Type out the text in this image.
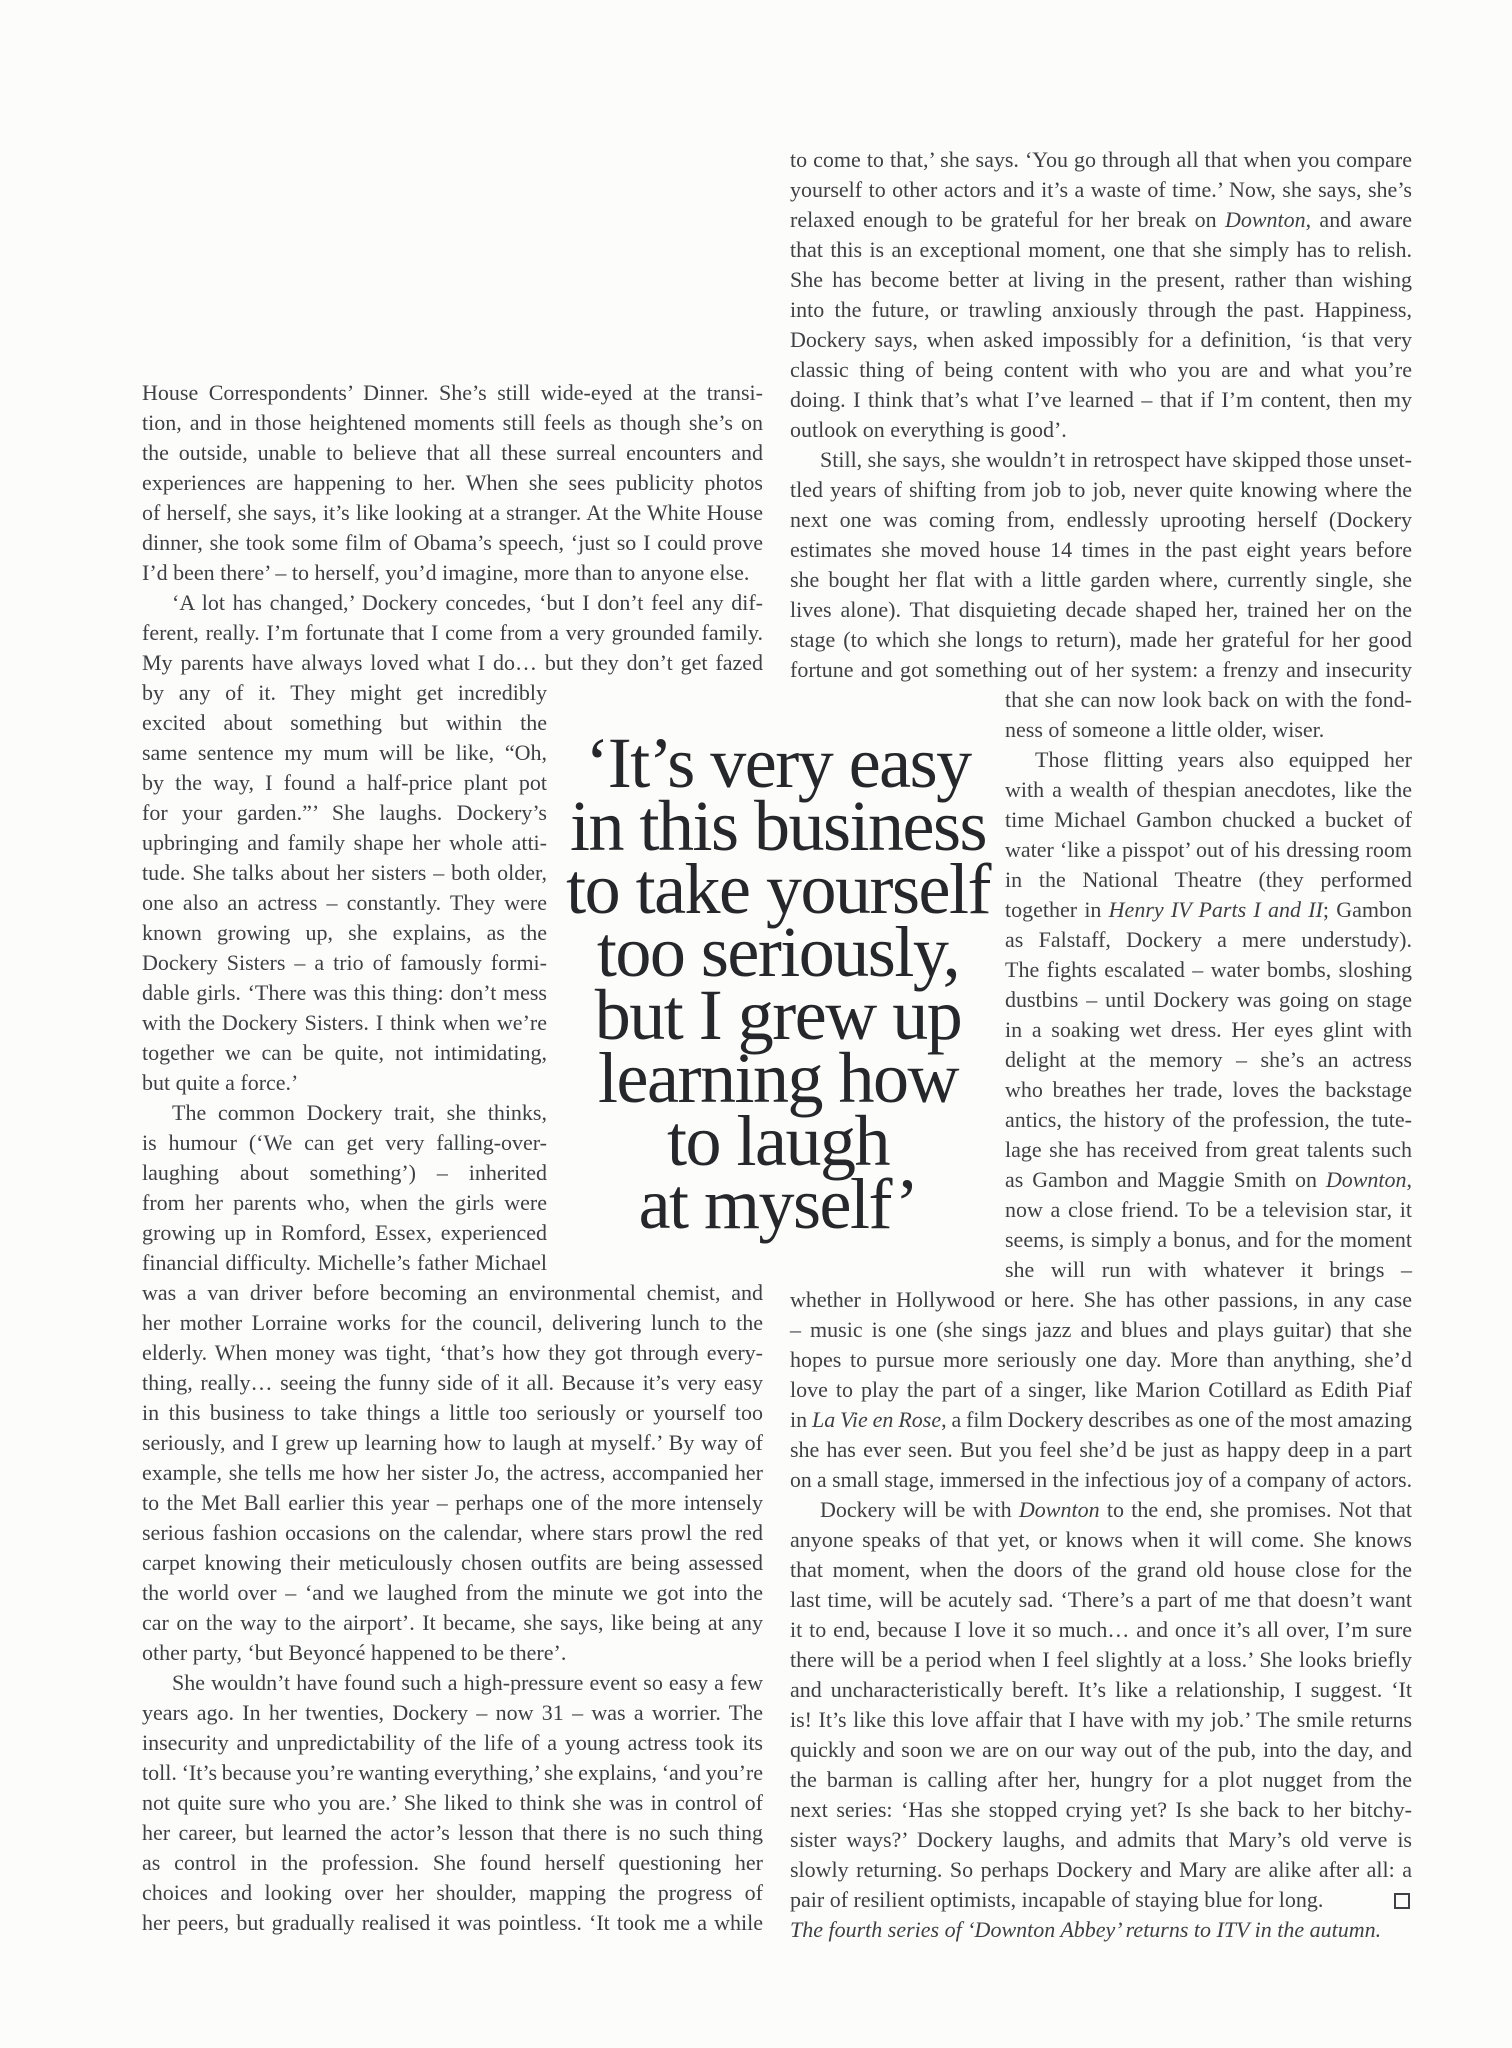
House Correspondents’ Dinner. She’s still wide-eyed at the transi-
tion, and in those heightened moments still feels as though she’s on
the outside, unable to believe that all these surreal encounters and
experiences are happening to her. When she sees publicity photos
of herself, she says, it’s like looking at a stranger. At the White House
dinner, she took some film of Obama’s speech, ‘just so I could prove
I’d been there’ – to herself, you’d imagine, more than to anyone else.
‘A lot has changed,’ Dockery concedes, ‘but I don’t feel any dif-
ferent, really. I’m fortunate that I come from a very grounded family.
My parents have always loved what I do… but they don’t get fazed
by any of it. They might get incredibly
excited about something but within the
same sentence my mum will be like, “Oh,
by the way, I found a half-price plant pot
for your garden.”’ She laughs. Dockery’s
upbringing and family shape her whole atti-
tude. She talks about her sisters – both older,
one also an actress – constantly. They were
known growing up, she explains, as the
Dockery Sisters – a trio of famously formi-
dable girls. ‘There was this thing: don’t mess
with the Dockery Sisters. I think when we’re
together we can be quite, not intimidating,
but quite a force.’
The common Dockery trait, she thinks,
is humour (‘We can get very falling-over-
laughing about something’) – inherited
from her parents who, when the girls were
growing up in Romford, Essex, experienced
financial difficulty. Michelle’s father Michael
was a van driver before becoming an environmental chemist, and
her mother Lorraine works for the council, delivering lunch to the
elderly. When money was tight, ‘that’s how they got through every-
thing, really… seeing the funny side of it all. Because it’s very easy
in this business to take things a little too seriously or yourself too
seriously, and I grew up learning how to laugh at myself.’ By way of
example, she tells me how her sister Jo, the actress, accompanied her
to the Met Ball earlier this year – perhaps one of the more intensely
serious fashion occasions on the calendar, where stars prowl the red
carpet knowing their meticulously chosen outfits are being assessed
the world over – ‘and we laughed from the minute we got into the
car on the way to the airport’. It became, she says, like being at any
other party, ‘but Beyoncé happened to be there’.
She wouldn’t have found such a high-pressure event so easy a few
years ago. In her twenties, Dockery – now 31 – was a worrier. The
insecurity and unpredictability of the life of a young actress took its
toll. ‘It’s because you’re wanting everything,’ she explains, ‘and you’re
not quite sure who you are.’ She liked to think she was in control of
her career, but learned the actor’s lesson that there is no such thing
as control in the profession. She found herself questioning her
choices and looking over her shoulder, mapping the progress of
her peers, but gradually realised it was pointless. ‘It took me a while
‘It’s very easy
in this business
to take yourself
too seriously,
but I grew up
learning how
to laugh
at myself’
to come to that,’ she says. ‘You go through all that when you compare
yourself to other actors and it’s a waste of time.’ Now, she says, she’s
relaxed enough to be grateful for her break on Downton, and aware
that this is an exceptional moment, one that she simply has to relish.
She has become better at living in the present, rather than wishing
into the future, or trawling anxiously through the past. Happiness,
Dockery says, when asked impossibly for a definition, ‘is that very
classic thing of being content with who you are and what you’re
doing. I think that’s what I’ve learned – that if I’m content, then my
outlook on everything is good’.
Still, she says, she wouldn’t in retrospect have skipped those unset-
tled years of shifting from job to job, never quite knowing where the
next one was coming from, endlessly uprooting herself (Dockery
estimates she moved house 14 times in the past eight years before
she bought her flat with a little garden where, currently single, she
lives alone). That disquieting decade shaped her, trained her on the
stage (to which she longs to return), made her grateful for her good
fortune and got something out of her system: a frenzy and insecurity
that she can now look back on with the fond-
ness of someone a little older, wiser.
Those flitting years also equipped her
with a wealth of thespian anecdotes, like the
time Michael Gambon chucked a bucket of
water ‘like a pisspot’ out of his dressing room
in the National Theatre (they performed
together in Henry IV Parts I and II; Gambon
as Falstaff, Dockery a mere understudy).
The fights escalated – water bombs, sloshing
dustbins – until Dockery was going on stage
in a soaking wet dress. Her eyes glint with
delight at the memory – she’s an actress
who breathes her trade, loves the backstage
antics, the history of the profession, the tute-
lage she has received from great talents such
as Gambon and Maggie Smith on Downton,
now a close friend. To be a television star, it
seems, is simply a bonus, and for the moment
she will run with whatever it brings –
whether in Hollywood or here. She has other passions, in any case
– music is one (she sings jazz and blues and plays guitar) that she
hopes to pursue more seriously one day. More than anything, she’d
love to play the part of a singer, like Marion Cotillard as Edith Piaf
in La Vie en Rose, a film Dockery describes as one of the most amazing
she has ever seen. But you feel she’d be just as happy deep in a part
on a small stage, immersed in the infectious joy of a company of actors.
Dockery will be with Downton to the end, she promises. Not that
anyone speaks of that yet, or knows when it will come. She knows
that moment, when the doors of the grand old house close for the
last time, will be acutely sad. ‘There’s a part of me that doesn’t want
it to end, because I love it so much… and once it’s all over, I’m sure
there will be a period when I feel slightly at a loss.’ She looks briefly
and uncharacteristically bereft. It’s like a relationship, I suggest. ‘It
is! It’s like this love affair that I have with my job.’ The smile returns
quickly and soon we are on our way out of the pub, into the day, and
the barman is calling after her, hungry for a plot nugget from the
next series: ‘Has she stopped crying yet? Is she back to her bitchy-
sister ways?’ Dockery laughs, and admits that Mary’s old verve is
slowly returning. So perhaps Dockery and Mary are alike after all: a
pair of resilient optimists, incapable of staying blue for long.
The fourth series of ‘Downton Abbey’ returns to ITV in the autumn.
